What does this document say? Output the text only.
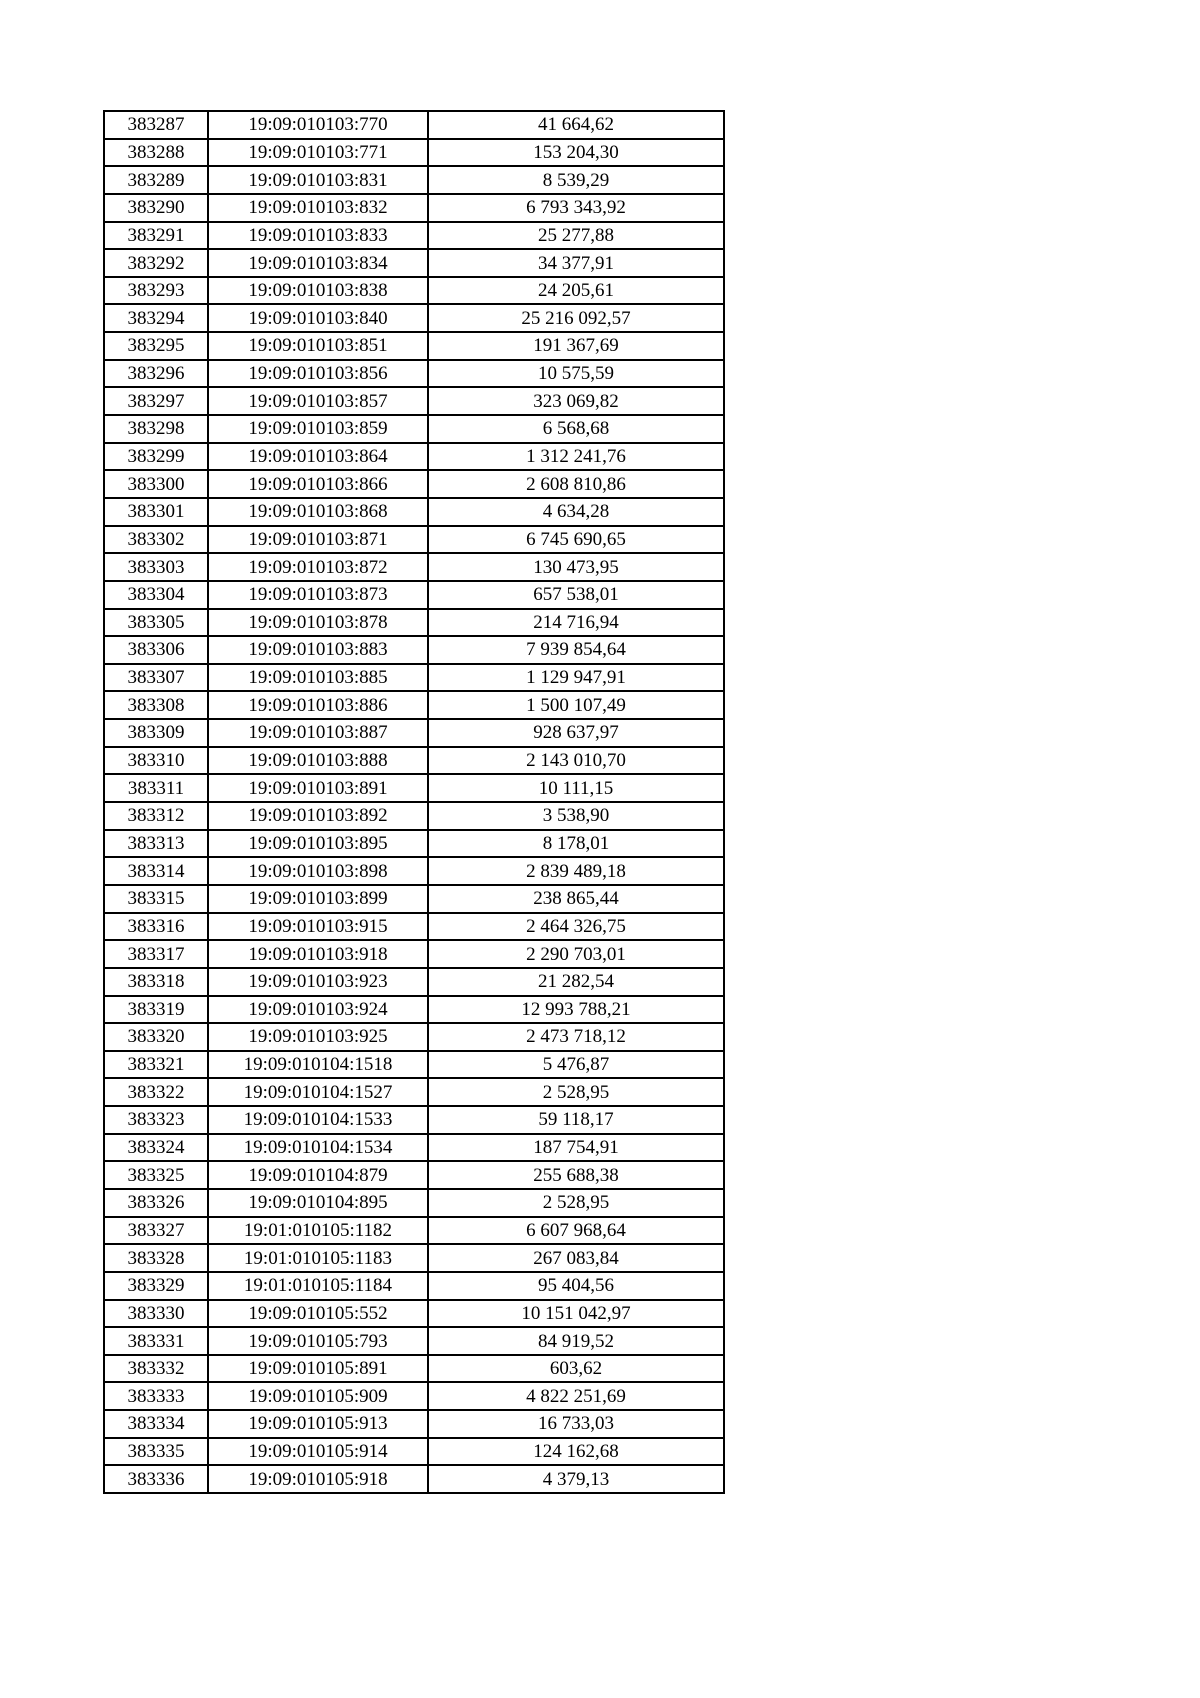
383287	19:09:010103:770	41 664,62
383288	19:09:010103:771	153 204,30
383289	19:09:010103:831	8 539,29
383290	19:09:010103:832	6 793 343,92
383291	19:09:010103:833	25 277,88
383292	19:09:010103:834	34 377,91
383293	19:09:010103:838	24 205,61
383294	19:09:010103:840	25 216 092,57
383295	19:09:010103:851	191 367,69
383296	19:09:010103:856	10 575,59
383297	19:09:010103:857	323 069,82
383298	19:09:010103:859	6 568,68
383299	19:09:010103:864	1 312 241,76
383300	19:09:010103:866	2 608 810,86
383301	19:09:010103:868	4 634,28
383302	19:09:010103:871	6 745 690,65
383303	19:09:010103:872	130 473,95
383304	19:09:010103:873	657 538,01
383305	19:09:010103:878	214 716,94
383306	19:09:010103:883	7 939 854,64
383307	19:09:010103:885	1 129 947,91
383308	19:09:010103:886	1 500 107,49
383309	19:09:010103:887	928 637,97
383310	19:09:010103:888	2 143 010,70
383311	19:09:010103:891	10 111,15
383312	19:09:010103:892	3 538,90
383313	19:09:010103:895	8 178,01
383314	19:09:010103:898	2 839 489,18
383315	19:09:010103:899	238 865,44
383316	19:09:010103:915	2 464 326,75
383317	19:09:010103:918	2 290 703,01
383318	19:09:010103:923	21 282,54
383319	19:09:010103:924	12 993 788,21
383320	19:09:010103:925	2 473 718,12
383321	19:09:010104:1518	5 476,87
383322	19:09:010104:1527	2 528,95
383323	19:09:010104:1533	59 118,17
383324	19:09:010104:1534	187 754,91
383325	19:09:010104:879	255 688,38
383326	19:09:010104:895	2 528,95
383327	19:01:010105:1182	6 607 968,64
383328	19:01:010105:1183	267 083,84
383329	19:01:010105:1184	95 404,56
383330	19:09:010105:552	10 151 042,97
383331	19:09:010105:793	84 919,52
383332	19:09:010105:891	603,62
383333	19:09:010105:909	4 822 251,69
383334	19:09:010105:913	16 733,03
383335	19:09:010105:914	124 162,68
383336	19:09:010105:918	4 379,13
